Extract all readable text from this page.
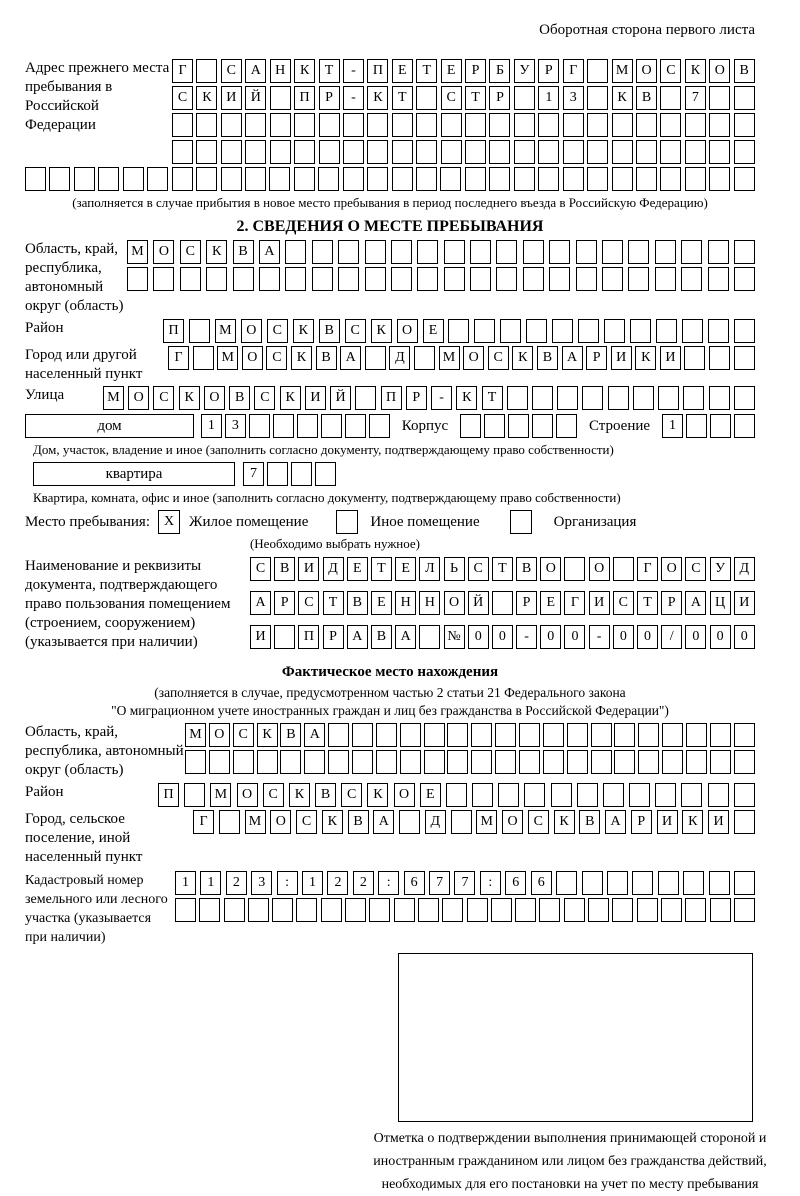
Оборотная сторона первого листа
Адрес прежнего места пребывания в Российской Федерации
Г	С	А	Н	К	Т	-	П	Е	Т	Е	Р	Б	У	Р	Г	М О	С	К	О	В
С	К	И	Й	П	Р	-	К	Т	С	Т	Р	1	3	К	В	7
(заполняется в случае прибытия в новое место пребывания в период последнего въезда в Российскую Федерацию)
2. СВЕДЕНИЯ О МЕСТЕ ПРЕБЫВАНИЯ
Область, край, республика, автономный округ (область)
М	О	С	К	В	А
Район	П	М	О	С	К	В	С	К	О	Е
Город или другой населенный пункт
Г	М О	С	К	В	А	Д	М О	С	К	В	А	Р	И	К	И
Улица	М О	С	К	О	В	С	К	И	Й	П	Р	-	К	Т
дом	1	3	Корпус	Строение	1
Дом, участок, владение и иное (заполнить согласно документу, подтверждающему право собственности)
квартира	7
Квартира, комната, офис и иное (заполнить согласно документу, подтверждающему право собственности)
Место пребывания: X Жилое помещение	Иное помещение	Организация
(Необходимо выбрать нужное)
Наименование и реквизиты документа, подтверждающего право пользования помещением (строением, сооружением) (указывается при наличии)
С	В	И	Д	Е	Т	Е	Л	Ь	С	Т	В	О	О	Г	О	С	У	Д
А	Р	С	Т	В	Е	Н	Н	О	Й	Р	Е	Г	И	С	Т	Р	А	Ц	И
И	П	Р	А	В	А	№	0	0	-	0	0	-	0	0	/	0	0	0
Фактическое место нахождения
(заполняется в случае, предусмотренном частью 2 статьи 21 Федерального закона
"О миграционном учете иностранных граждан и лиц без гражданства в Российской Федерации")
Область, край, республика, автономный округ (область)
М О	С	К	В	А
Район	П	М	О	С	К	В	С	К	О	Е
Город, сельское поселение, иной населенный пункт
Г	М	О	С	К	В	А	Д	М	О	С	К	В	А	Р	И	К	И
Кадастровый номер земельного или лесного участка (указывается при наличии)
1	1	2	3	:	1	2	2	:	6	7	7	:	6	6
Отметка о подтверждении выполнения принимающей стороной и иностранным гражданином или лицом без гражданства действий, необходимых для его постановки на учет по месту пребывания
